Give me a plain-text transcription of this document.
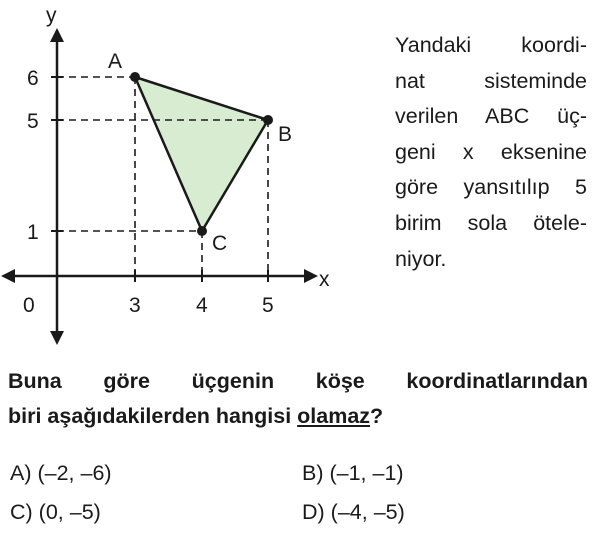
y
x
0	3	4	5
1
5
6
A
B
C
Yandaki koordi-
nat sisteminde
verilen ABC üç-
geni x eksenine
göre yansıtılıp 5
birim sola ötele-
niyor.
Buna göre üçgenin köşe koordinatlarından
biri aşağıdakilerden hangisi olamaz?
A) (–2, –6)	B) (–1, –1)
C) (0, –5)	D) (–4, –5)
